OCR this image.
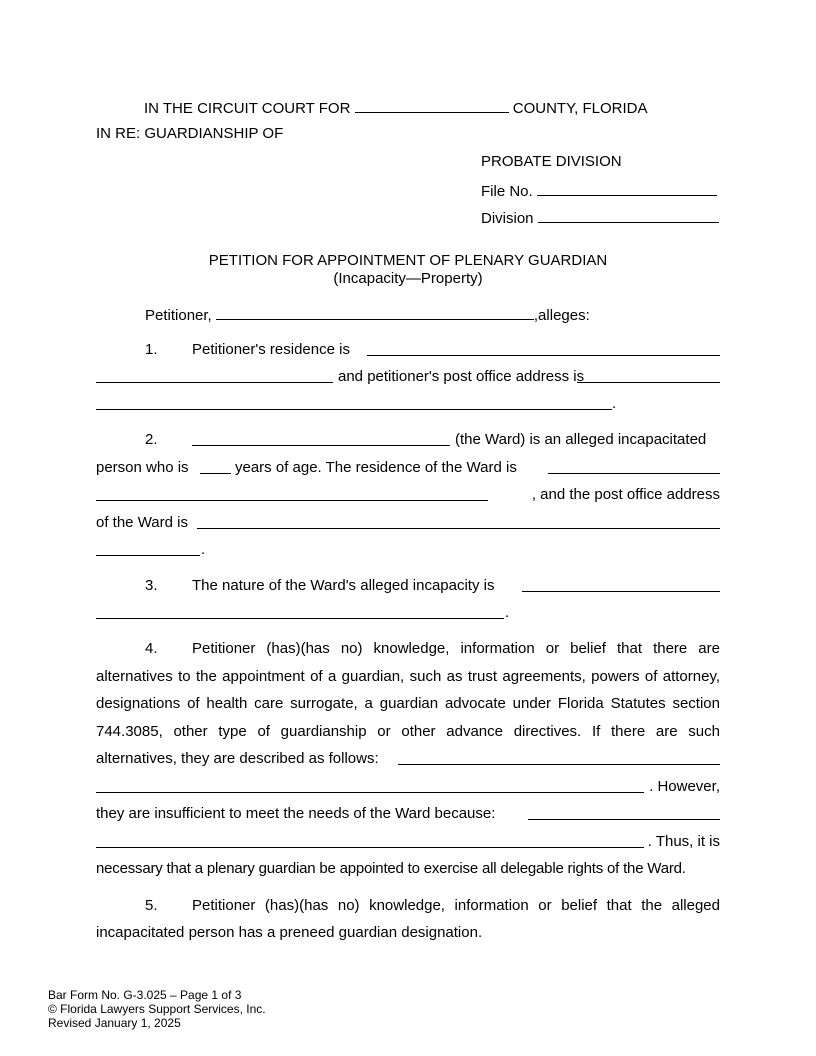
IN THE CIRCUIT COURT FOR	COUNTY, FLORIDA
IN RE: GUARDIANSHIP OF
PROBATE DIVISION
File No.
Division
PETITION FOR APPOINTMENT OF PLENARY GUARDIAN
(Incapacity—Property)
Petitioner,	,alleges:
1. Petitioner's residence is
and petitioner's post office address is
.
2.	(the Ward) is an alleged incapacitated
person who is	years of age. The residence of the Ward is
, and the post office address
of the Ward is
.
3. The nature of the Ward's alleged incapacity is
.
4. Petitioner (has)(has no) knowledge, information or belief that there are
alternatives to the appointment of a guardian, such as trust agreements, powers of attorney,
designations of health care surrogate, a guardian advocate under Florida Statutes section
744.3085, other type of guardianship or other advance directives. If there are such
alternatives, they are described as follows:
. However,
they are insufficient to meet the needs of the Ward because:
. Thus, it is
necessary that a plenary guardian be appointed to exercise all delegable rights of the Ward.
5. Petitioner (has)(has no) knowledge, information or belief that the alleged
incapacitated person has a preneed guardian designation.
Bar Form No. G-3.025 – Page 1 of 3
© Florida Lawyers Support Services, Inc.
Revised January 1, 2025
